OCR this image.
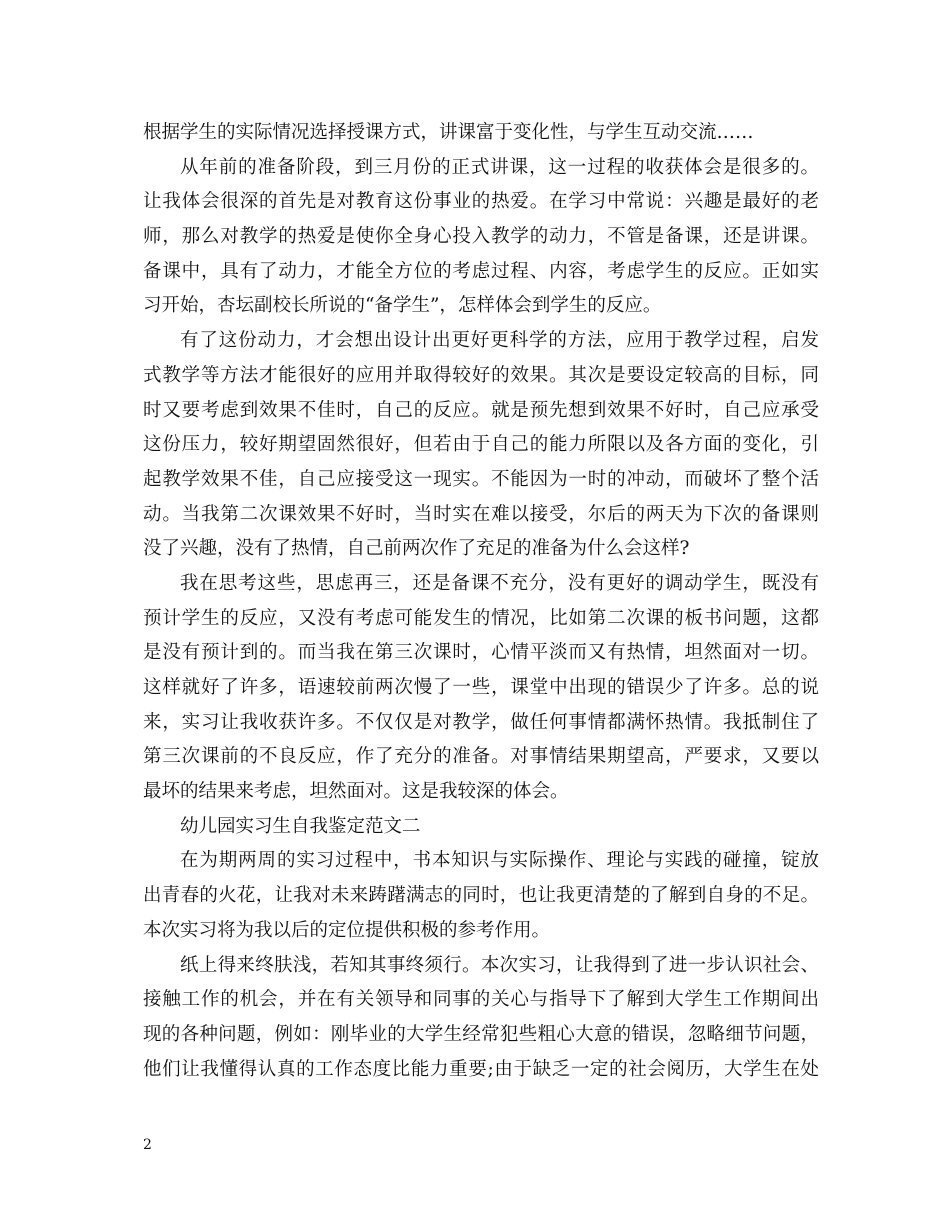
根据学生的实际情况选择授课方式，讲课富于变化性，与学生互动交流……
从年前的准备阶段，到三月份的正式讲课，这一过程的收获体会是很多的。
让我体会很深的首先是对教育这份事业的热爱。在学习中常说：兴趣是最好的老
师，那么对教学的热爱是使你全身心投入教学的动力，不管是备课，还是讲课。
备课中，具有了动力，才能全方位的考虑过程、内容，考虑学生的反应。正如实
习开始，杏坛副校长所说的“备学生”，怎样体会到学生的反应。
有了这份动力，才会想出设计出更好更科学的方法，应用于教学过程，启发
式教学等方法才能很好的应用并取得较好的效果。其次是要设定较高的目标，同
时又要考虑到效果不佳时，自己的反应。就是预先想到效果不好时，自己应承受
这份压力，较好期望固然很好，但若由于自己的能力所限以及各方面的变化，引
起教学效果不佳，自己应接受这一现实。不能因为一时的冲动，而破坏了整个活
动。当我第二次课效果不好时，当时实在难以接受，尔后的两天为下次的备课则
没了兴趣，没有了热情，自己前两次作了充足的准备为什么会这样?
我在思考这些，思虑再三，还是备课不充分，没有更好的调动学生，既没有
预计学生的反应，又没有考虑可能发生的情况，比如第二次课的板书问题，这都
是没有预计到的。而当我在第三次课时，心情平淡而又有热情，坦然面对一切。
这样就好了许多，语速较前两次慢了一些，课堂中出现的错误少了许多。总的说
来，实习让我收获许多。不仅仅是对教学，做任何事情都满怀热情。我抵制住了
第三次课前的不良反应，作了充分的准备。对事情结果期望高，严要求，又要以
最坏的结果来考虑，坦然面对。这是我较深的体会。
幼儿园实习生自我鉴定范文二
在为期两周的实习过程中，书本知识与实际操作、理论与实践的碰撞，锭放
出青春的火花，让我对未来踌躇满志的同时，也让我更清楚的了解到自身的不足。
本次实习将为我以后的定位提供积极的参考作用。
纸上得来终肤浅，若知其事终须行。本次实习，让我得到了进一步认识社会、
接触工作的机会，并在有关领导和同事的关心与指导下了解到大学生工作期间出
现的各种问题，例如：刚毕业的大学生经常犯些粗心大意的错误，忽略细节问题，
他们让我懂得认真的工作态度比能力重要;由于缺乏一定的社会阅历，大学生在处
2
